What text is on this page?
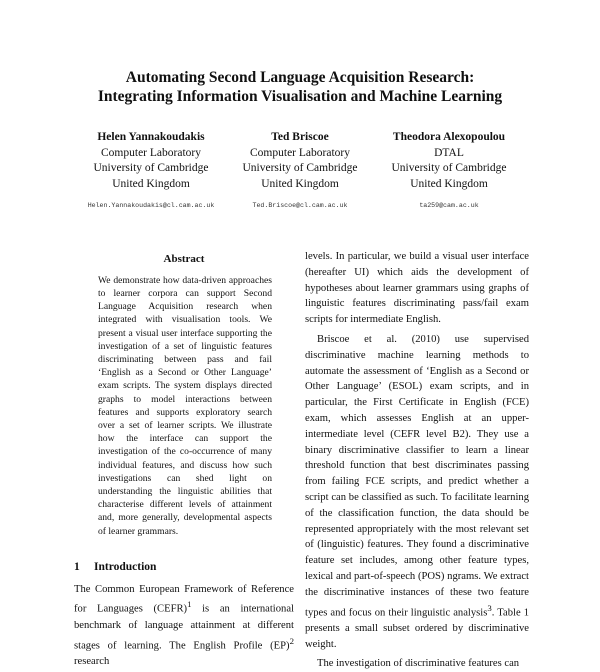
Automating Second Language Acquisition Research:
Integrating Information Visualisation and Machine Learning
Helen Yannakoudakis
Computer Laboratory
University of Cambridge
United Kingdom
Helen.Yannakoudakis@cl.cam.ac.uk
Ted Briscoe
Computer Laboratory
University of Cambridge
United Kingdom
Ted.Briscoe@cl.cam.ac.uk
Theodora Alexopoulou
DTAL
University of Cambridge
United Kingdom
ta259@cam.ac.uk
Abstract
We demonstrate how data-driven approaches to learner corpora can support Second Language Acquisition research when integrated with visualisation tools. We present a visual user interface supporting the investigation of a set of linguistic features discriminating between pass and fail ‘English as a Second or Other Language’ exam scripts. The system displays directed graphs to model interactions between features and supports exploratory search over a set of learner scripts. We illustrate how the interface can support the investigation of the co-occurrence of many individual features, and discuss how such investigations can shed light on understanding the linguistic abilities that characterise different levels of attainment and, more generally, developmental aspects of learner grammars.
1 Introduction

The Common European Framework of Reference for Languages (CEFR)$^1$ is an international benchmark of language attainment at different stages of learning. The English Profile (EP)$^2$ research

levels. In particular, we build a visual user interface (hereafter UI) which aids the development of hypotheses about learner grammars using graphs of linguistic features discriminating pass/fail exam scripts for intermediate English.

Briscoe et al. (2010) use supervised discriminative machine learning methods to automate the assessment of ‘English as a Second or Other Language’ (ESOL) exam scripts, and in particular, the First Certificate in English (FCE) exam, which assesses English at an upper-intermediate level (CEFR level B2). They use a binary discriminative classifier to learn a linear threshold function that best discriminates passing from failing FCE scripts, and predict whether a script can be classified as such. To facilitate learning of the classification function, the data should be represented appropriately with the most relevant set of (linguistic) features. They found a discriminative feature set includes, among other feature types, lexical and part-of-speech (POS) ngrams. We extract the discriminative instances of these two feature types and focus on their linguistic analysis$^3$. Table 1 presents a small subset ordered by discriminative weight.

The investigation of discriminative features can
